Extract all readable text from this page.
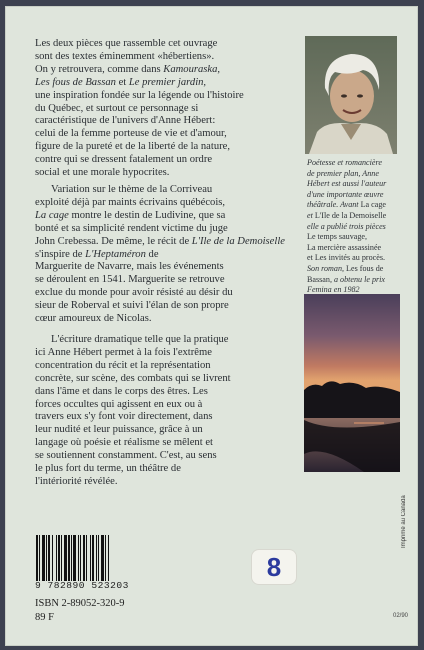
Les deux pièces que rassemble cet ouvrage
sont des textes éminemment «hébertiens».
On y retrouvera, comme dans Kamouraska,
Les fous de Bassan et Le premier jardin,
une inspiration fondée sur la légende ou l'histoire
du Québec, et surtout ce personnage si
caractéristique de l'univers d'Anne Hébert:
celui de la femme porteuse de vie et d'amour,
figure de la pureté et de la liberté de la nature,
contre qui se dressent fatalement un ordre
social et une morale hypocrites.
Variation sur le thème de la Corriveau
exploité déjà par maints écrivains québécois,
La cage montre le destin de Ludivine, que sa
bonté et sa simplicité rendent victime du juge
John Crebessa. De même, le récit de L'Ile de la Demoiselle
s'inspire de L'Heptaméron de
Marguerite de Navarre, mais les événements
se déroulent en 1541. Marguerite se retrouve
exclue du monde pour avoir résisté au désir du
sieur de Roberval et suivi l'élan de son propre
cœur amoureux de Nicolas.
L'écriture dramatique telle que la pratique
ici Anne Hébert permet à la fois l'extrême
concentration du récit et la représentation
concrète, sur scène, des combats qui se livrent
dans l'âme et dans le corps des êtres. Les
forces occultes qui agissent en eux ou à
travers eux s'y font voir directement, dans
leur nudité et leur puissance, grâce à un
langage où poésie et réalisme se mêlent et
se soutiennent constamment. C'est, au sens
le plus fort du terme, un théâtre de
l'intériorité révélée.
Poétesse et romancière
de premier plan, Anne
Hébert est aussi l'auteur
d'une importante œuvre
théâtrale. Avant La cage
et L'Ile de la Demoiselle
elle a publié trois pièces
Le temps sauvage,
La mercière assassinée
et Les invités au procès.
Son roman, Les fous de
Bassan, a obtenu le prix
Femina en 1982
Imprimé au Canada
9 782890 523203
ISBN 2-89052-320-9
89 F
8
02/90
